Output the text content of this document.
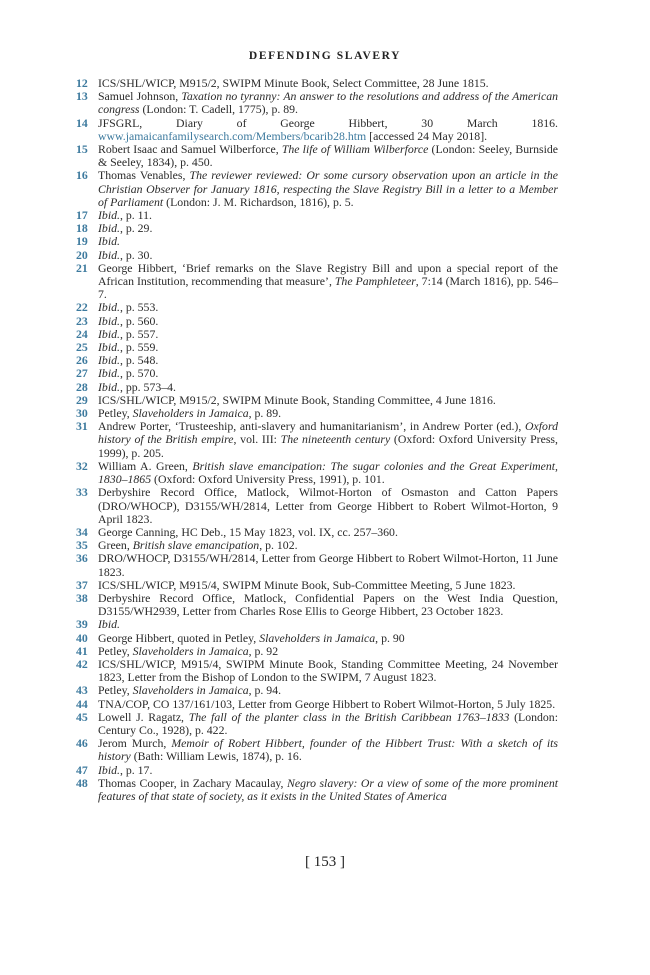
DEFENDING SLAVERY
12 ICS/SHL/WICP, M915/2, SWIPM Minute Book, Select Committee, 28 June 1815.
13 Samuel Johnson, Taxation no tyranny: An answer to the resolutions and address of the American congress (London: T. Cadell, 1775), p. 89.
14 JFSGRL, Diary of George Hibbert, 30 March 1816. www.jamaicanfamilysearch.com/Members/bcarib28.htm [accessed 24 May 2018].
15 Robert Isaac and Samuel Wilberforce, The life of William Wilberforce (London: Seeley, Burnside & Seeley, 1834), p. 450.
16 Thomas Venables, The reviewer reviewed: Or some cursory observation upon an article in the Christian Observer for January 1816, respecting the Slave Registry Bill in a letter to a Member of Parliament (London: J. M. Richardson, 1816), p. 5.
17 Ibid., p. 11.
18 Ibid., p. 29.
19 Ibid.
20 Ibid., p. 30.
21 George Hibbert, ‘Brief remarks on the Slave Registry Bill and upon a special report of the African Institution, recommending that measure’, The Pamphleteer, 7:14 (March 1816), pp. 546–7.
22 Ibid., p. 553.
23 Ibid., p. 560.
24 Ibid., p. 557.
25 Ibid., p. 559.
26 Ibid., p. 548.
27 Ibid., p. 570.
28 Ibid., pp. 573–4.
29 ICS/SHL/WICP, M915/2, SWIPM Minute Book, Standing Committee, 4 June 1816.
30 Petley, Slaveholders in Jamaica, p. 89.
31 Andrew Porter, ‘Trusteeship, anti-slavery and humanitarianism’, in Andrew Porter (ed.), Oxford history of the British empire, vol. III: The nineteenth century (Oxford: Oxford University Press, 1999), p. 205.
32 William A. Green, British slave emancipation: The sugar colonies and the Great Experiment, 1830–1865 (Oxford: Oxford University Press, 1991), p. 101.
33 Derbyshire Record Office, Matlock, Wilmot-Horton of Osmaston and Catton Papers (DRO/WHOCP), D3155/WH/2814, Letter from George Hibbert to Robert Wilmot-Horton, 9 April 1823.
34 George Canning, HC Deb., 15 May 1823, vol. IX, cc. 257–360.
35 Green, British slave emancipation, p. 102.
36 DRO/WHOCP, D3155/WH/2814, Letter from George Hibbert to Robert Wilmot-Horton, 11 June 1823.
37 ICS/SHL/WICP, M915/4, SWIPM Minute Book, Sub-Committee Meeting, 5 June 1823.
38 Derbyshire Record Office, Matlock, Confidential Papers on the West India Question, D3155/WH2939, Letter from Charles Rose Ellis to George Hibbert, 23 October 1823.
39 Ibid.
40 George Hibbert, quoted in Petley, Slaveholders in Jamaica, p. 90
41 Petley, Slaveholders in Jamaica, p. 92
42 ICS/SHL/WICP, M915/4, SWIPM Minute Book, Standing Committee Meeting, 24 November 1823, Letter from the Bishop of London to the SWIPM, 7 August 1823.
43 Petley, Slaveholders in Jamaica, p. 94.
44 TNA/COP, CO 137/161/103, Letter from George Hibbert to Robert Wilmot-Horton, 5 July 1825.
45 Lowell J. Ragatz, The fall of the planter class in the British Caribbean 1763–1833 (London: Century Co., 1928), p. 422.
46 Jerom Murch, Memoir of Robert Hibbert, founder of the Hibbert Trust: With a sketch of its history (Bath: William Lewis, 1874), p. 16.
47 Ibid., p. 17.
48 Thomas Cooper, in Zachary Macaulay, Negro slavery: Or a view of some of the more prominent features of that state of society, as it exists in the United States of America
[ 153 ]
